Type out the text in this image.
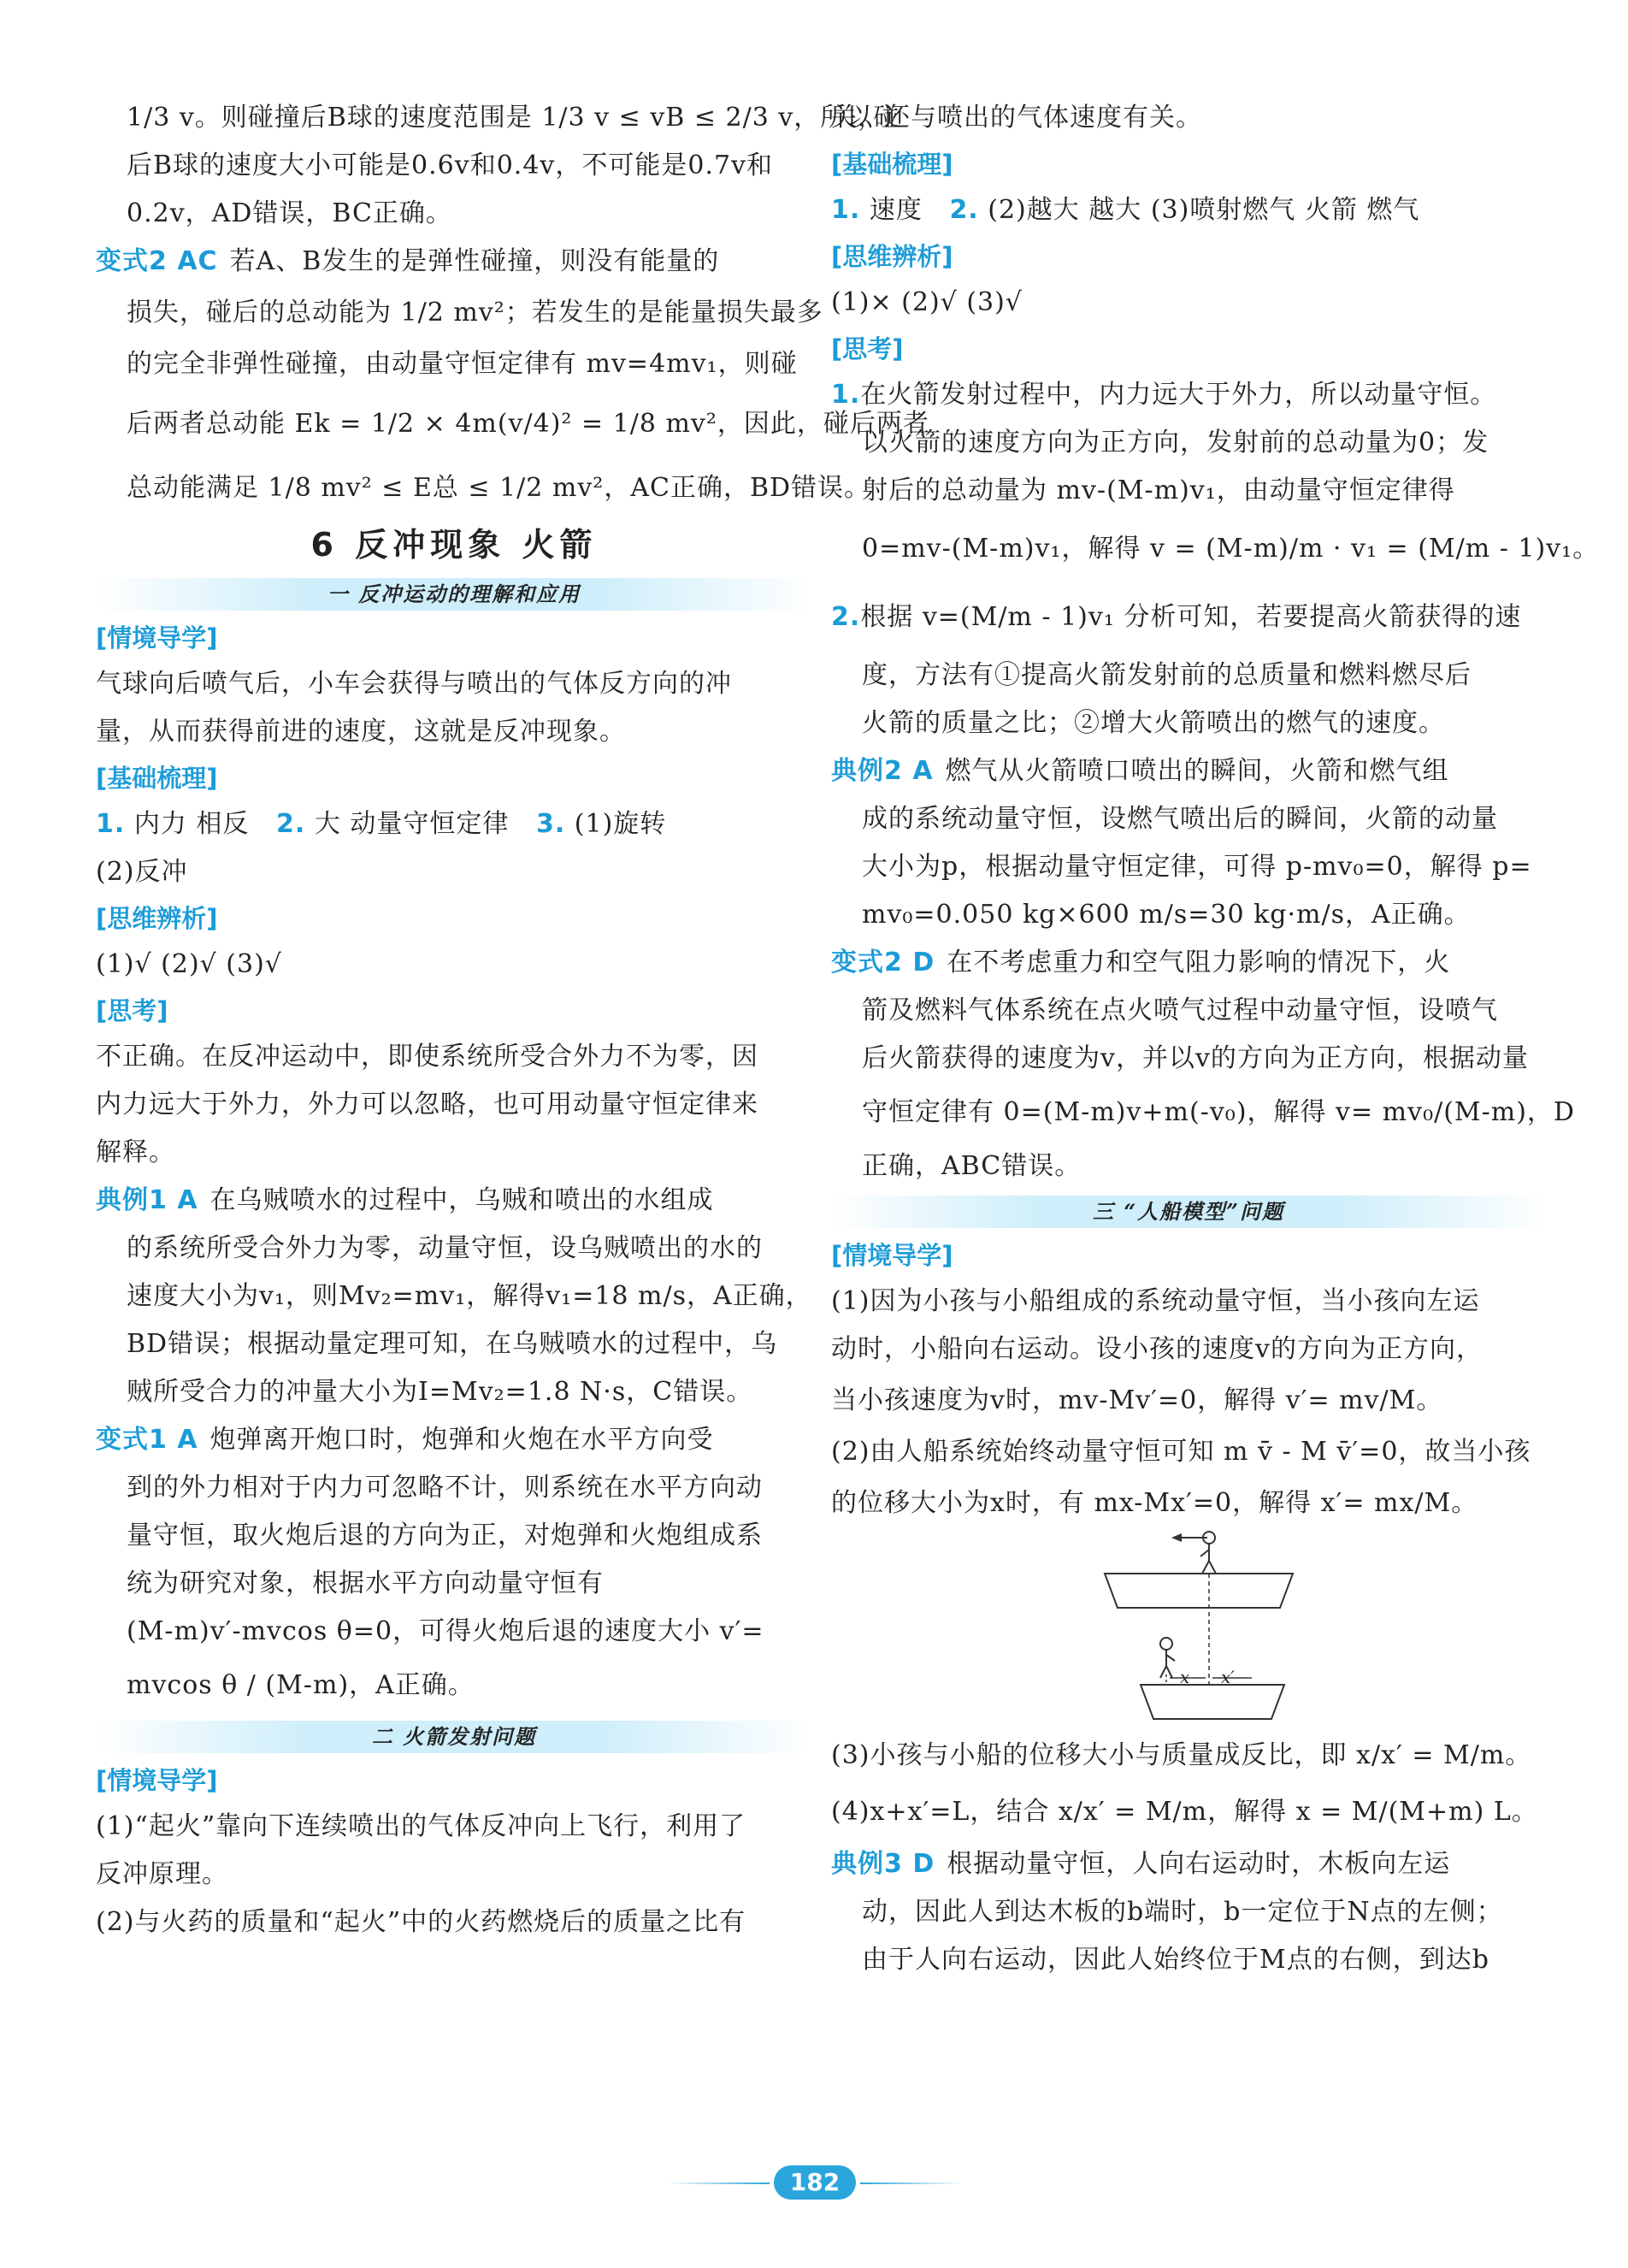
1/3 v。则碰撞后B球的速度范围是 1/3 v ≤ vB ≤ 2/3 v，所以碰
后B球的速度大小可能是0.6v和0.4v，不可能是0.7v和
0.2v，AD错误，BC正确。
变式2 AC 若A、B发生的是弹性碰撞，则没有能量的
损失，碰后的总动能为 1/2 mv²；若发生的是能量损失最多
的完全非弹性碰撞，由动量守恒定律有 mv=4mv₁，则碰
后两者总动能 Ek = 1/2 × 4m(v/4)² = 1/8 mv²，因此，碰后两者
总动能满足 1/8 mv² ≤ E总 ≤ 1/2 mv²，AC正确，BD错误。
6 反冲现象 火箭
一 反冲运动的理解和应用
[情境导学]
气球向后喷气后，小车会获得与喷出的气体反方向的冲
量，从而获得前进的速度，这就是反冲现象。
[基础梳理]
1. 内力 相反 2. 大 动量守恒定律 3. (1)旋转
(2)反冲
[思维辨析]
(1)√ (2)√ (3)√
[思考]
不正确。在反冲运动中，即使系统所受合外力不为零，因
内力远大于外力，外力可以忽略，也可用动量守恒定律来
解释。
典例1 A 在乌贼喷水的过程中，乌贼和喷出的水组成
的系统所受合外力为零，动量守恒，设乌贼喷出的水的
速度大小为v₁，则Mv₂=mv₁，解得v₁=18 m/s，A正确，
BD错误；根据动量定理可知，在乌贼喷水的过程中，乌
贼所受合力的冲量大小为I=Mv₂=1.8 N·s，C错误。
变式1 A 炮弹离开炮口时，炮弹和火炮在水平方向受
到的外力相对于内力可忽略不计，则系统在水平方向动
量守恒，取火炮后退的方向为正，对炮弹和火炮组成系
统为研究对象，根据水平方向动量守恒有
(M-m)v′-mvcos θ=0，可得火炮后退的速度大小 v′=
mvcos θ / (M-m)，A正确。
二 火箭发射问题
[情境导学]
(1)“起火”靠向下连续喷出的气体反冲向上飞行，利用了
反冲原理。
(2)与火药的质量和“起火”中的火药燃烧后的质量之比有
关，还与喷出的气体速度有关。
[基础梳理]
1. 速度 2. (2)越大 越大 (3)喷射燃气 火箭 燃气
[思维辨析]
(1)× (2)√ (3)√
[思考]
1.在火箭发射过程中，内力远大于外力，所以动量守恒。
以火箭的速度方向为正方向，发射前的总动量为0；发
射后的总动量为 mv-(M-m)v₁，由动量守恒定律得
0=mv-(M-m)v₁，解得 v = (M-m)/m · v₁ = (M/m - 1)v₁。
2.根据 v=(M/m - 1)v₁ 分析可知，若要提高火箭获得的速
度，方法有①提高火箭发射前的总质量和燃料燃尽后
火箭的质量之比；②增大火箭喷出的燃气的速度。
典例2 A 燃气从火箭喷口喷出的瞬间，火箭和燃气组
成的系统动量守恒，设燃气喷出后的瞬间，火箭的动量
大小为p，根据动量守恒定律，可得 p-mv₀=0，解得 p=
mv₀=0.050 kg×600 m/s=30 kg·m/s，A正确。
变式2 D 在不考虑重力和空气阻力影响的情况下，火
箭及燃料气体系统在点火喷气过程中动量守恒，设喷气
后火箭获得的速度为v，并以v的方向为正方向，根据动量
守恒定律有 0=(M-m)v+m(-v₀)，解得 v= mv₀/(M-m)，D
正确，ABC错误。
三 “人船模型”问题
[情境导学]
(1)因为小孩与小船组成的系统动量守恒，当小孩向左运
动时，小船向右运动。设小孩的速度v的方向为正方向，
当小孩速度为v时，mv-Mv′=0，解得 v′= mv/M。
(2)由人船系统始终动量守恒可知 m v̄ - M v̄′=0，故当小孩
的位移大小为x时，有 mx-Mx′=0，解得 x′= mx/M。
x x′
(3)小孩与小船的位移大小与质量成反比，即 x/x′ = M/m。
(4)x+x′=L，结合 x/x′ = M/m，解得 x = M/(M+m) L。
典例3 D 根据动量守恒，人向右运动时，木板向左运
动，因此人到达木板的b端时，b一定位于N点的左侧；
由于人向右运动，因此人始终位于M点的右侧，到达b
182
